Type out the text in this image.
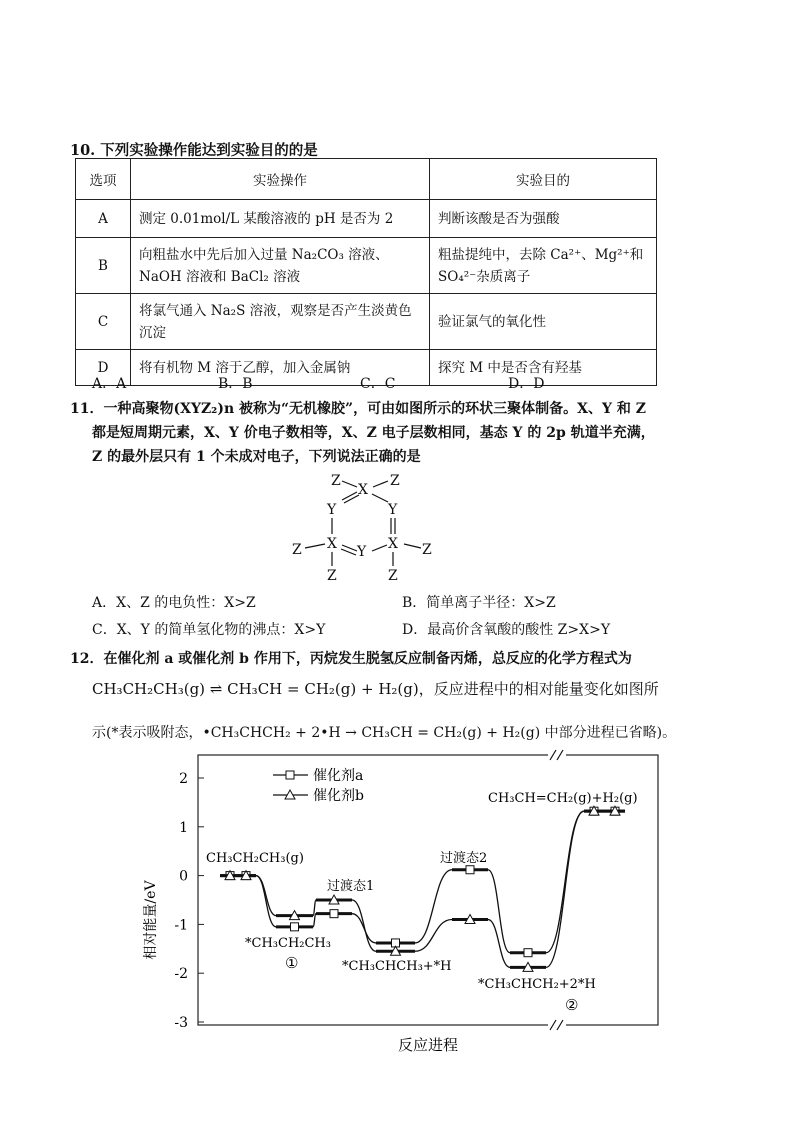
10. 下列实验操作能达到实验目的的是
选项	实验操作	实验目的
A	测定 0.01mol/L 某酸溶液的 pH 是否为 2	判断该酸是否为强酸
B	向粗盐水中先后加入过量 Na₂CO₃ 溶液、NaOH 溶液和 BaCl₂ 溶液	粗盐提纯中，去除 Ca²⁺、Mg²⁺和 SO₄²⁻杂质离子
C	将氯气通入 Na₂S 溶液，观察是否产生淡黄色沉淀	验证氯气的氧化性
D	将有机物 M 溶于乙醇，加入金属钠	探究 M 中是否含有羟基
A．A	B．B	C．C	D．D
11．一种高聚物(XYZ₂)n 被称为“无机橡胶”，可由如图所示的环状三聚体制备。X、Y 和 Z
都是短周期元素，X、Y 价电子数相等，X、Z 电子层数相同，基态 Y 的 2p 轨道半充满，
Z 的最外层只有 1 个未成对电子，下列说法正确的是
Z	Z
X
Y	Y
Z X Y X Z
Z	Z
A．X、Z 的电负性：X>Z	B．简单离子半径：X>Z
C．X、Y 的简单氢化物的沸点：X>Y	D．最高价含氧酸的酸性 Z>X>Y
12．在催化剂 a 或催化剂 b 作用下，丙烷发生脱氢反应制备丙烯，总反应的化学方程式为
CH₃CH₂CH₃(g) ⇌ CH₃CH = CH₂(g) + H₂(g)，反应进程中的相对能量变化如图所
示(*表示吸附态，•CH₃CHCH₂ + 2•H → CH₃CH = CH₂(g) + H₂(g) 中部分进程已省略)。
相对能量/eV
反应进程
2
1
0
-1
-2
-3
催化剂a
催化剂b
CH₃CH₂CH₃(g)
*CH₃CH₂CH₃
过渡态1
*CH₃CHCH₃+*H
过渡态2
*CH₃CHCH₂+2*H
CH₃CH=CH₂(g)+H₂(g)
①
②
